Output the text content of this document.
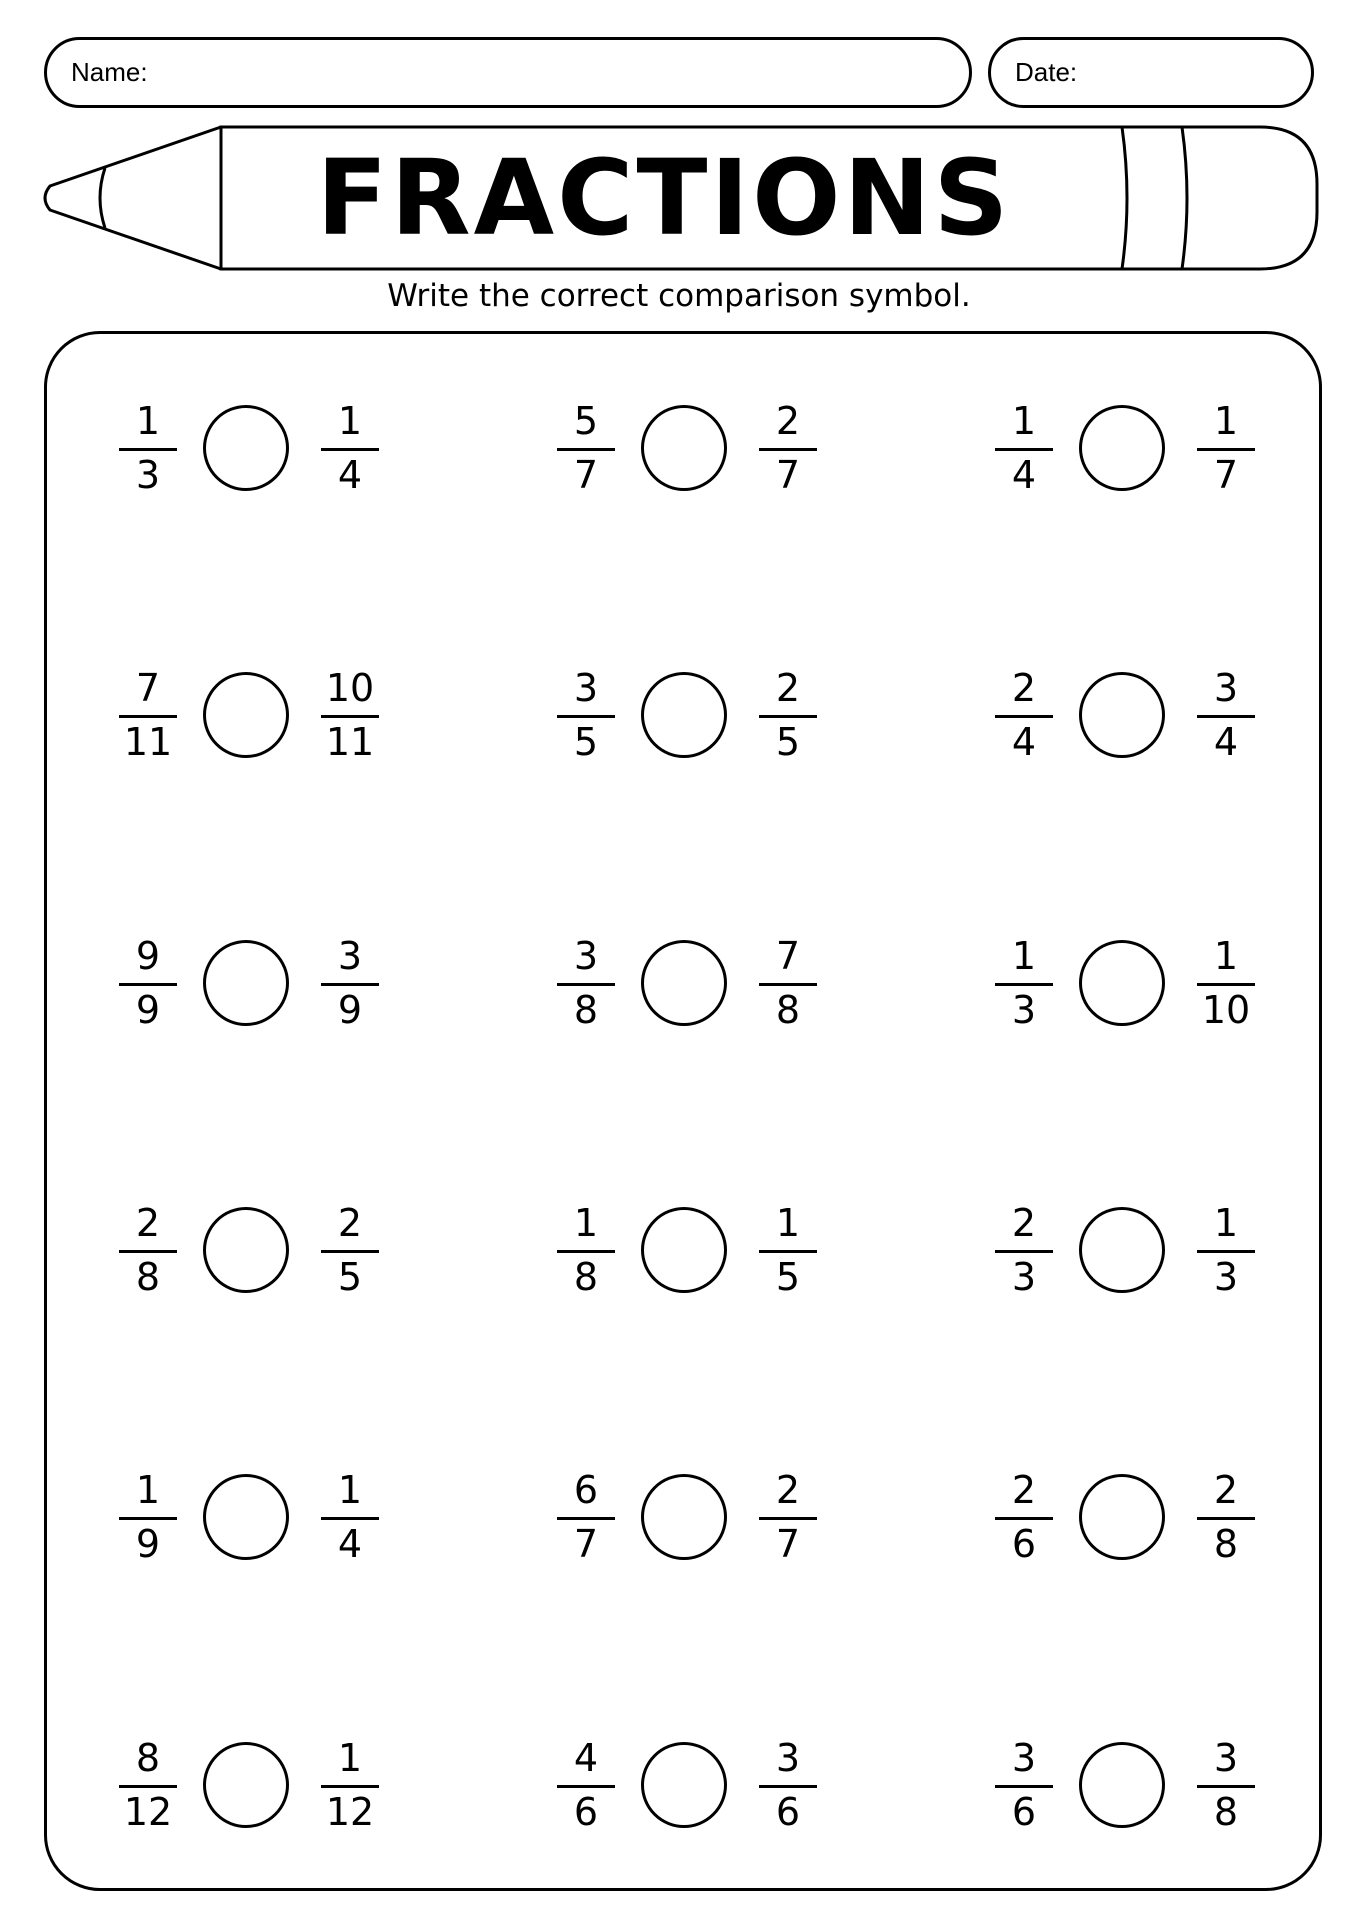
Name:	Date:
FRACTIONS
Write the correct comparison symbol.
1
3
1
4
5
7
2
7
1
4
1
7
7
11
10
11
3
5
2
5
2
4
3
4
9
9
3
9
3
8
7
8
1
3
1
10
2
8
2
5
1
8
1
5
2
3
1
3
1
9
1
4
6
7
2
7
2
6
2
8
8
12
1
12
4
6
3
6
3
6
3
8
